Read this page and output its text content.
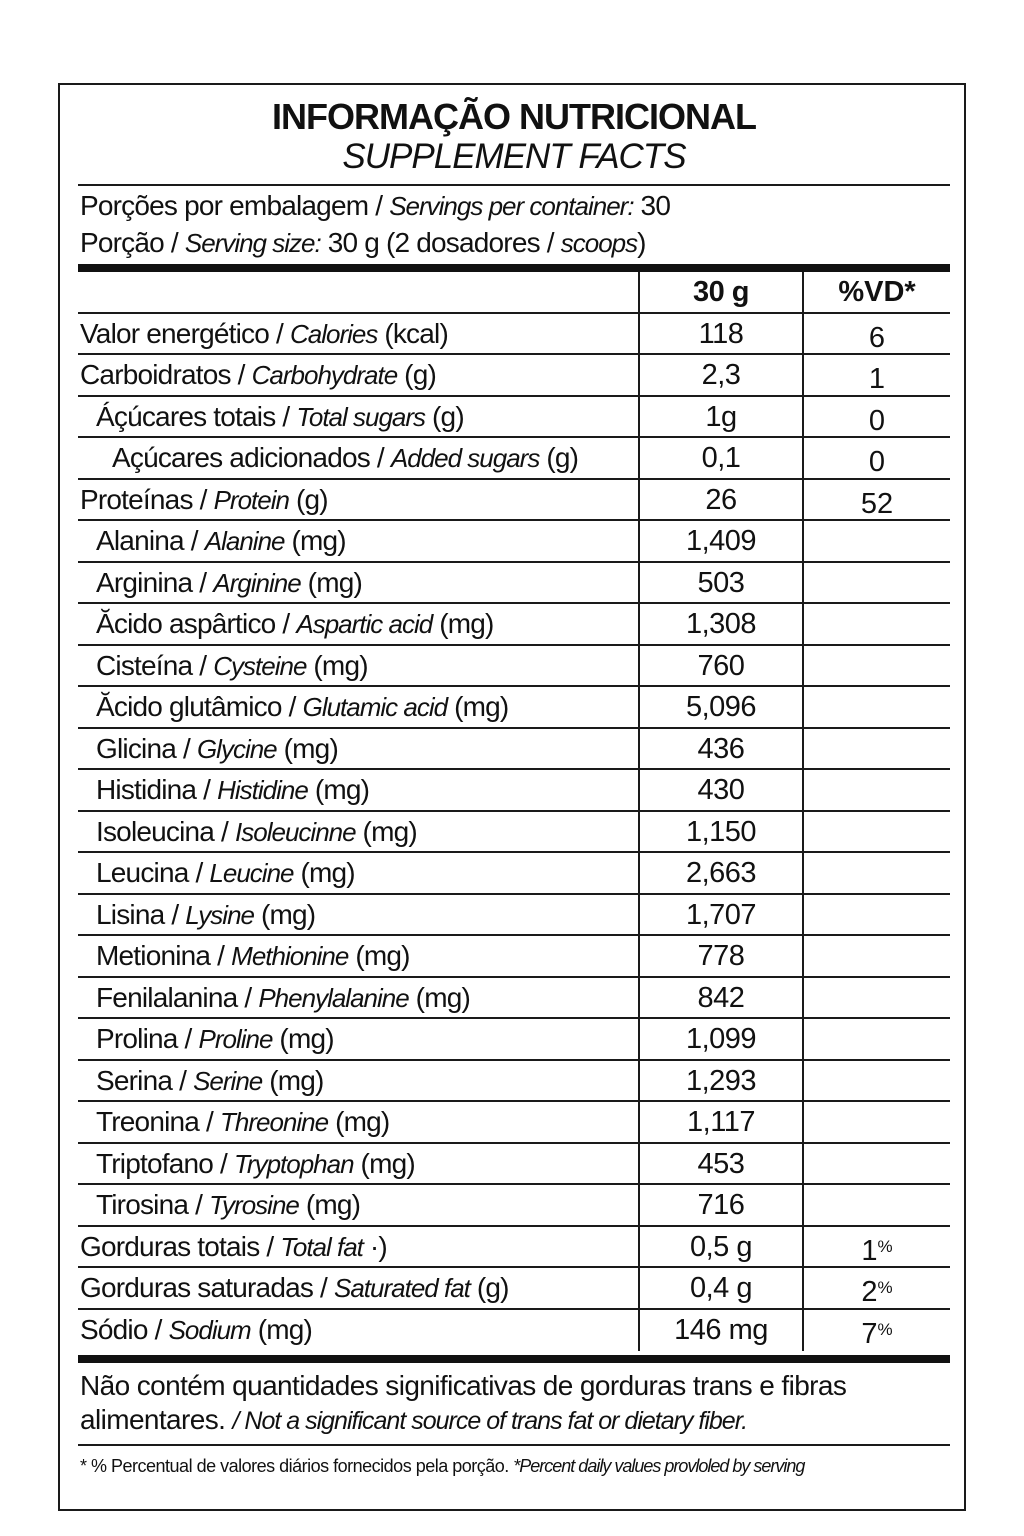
INFORMAÇÃO NUTRICIONAL
SUPPLEMENT FACTS
Porções por embalagem / Servings per container: 30
Porção / Serving size: 30 g (2 dosadores / scoops)
30 g	%VD*
Valor energético / Calories (kcal)	118	6
Carboidratos / Carbohydrate (g)	2,3	1
Áçúcares totais / Total sugars (g)	1g	0
Açúcares adicionados / Added sugars (g)	0,1	0
Proteínas / Protein (g)	26	52
Alanina / Alanine (mg)	1,409
Arginina / Arginine (mg)	503
Ăcido aspârtico / Aspartic acid (mg)	1,308
Cisteína / Cysteine (mg)	760
Ăcido glutâmico / Glutamic acid (mg)	5,096
Glicina / Glycine (mg)	436
Histidina / Histidine (mg)	430
Isoleucina / Isoleucinne (mg)	1,150
Leucina / Leucine (mg)	2,663
Lisina / Lysine (mg)	1,707
Metionina / Methionine (mg)	778
Fenilalanina / Phenylalanine (mg)	842
Prolina / Proline (mg)	1,099
Serina / Serine (mg)	1,293
Treonina / Threonine (mg)	1,117
Triptofano / Tryptophan (mg)	453
Tirosina / Tyrosine (mg)	716
Gorduras totais / Total fat ·)	0,5 g	1%
Gorduras saturadas / Saturated fat (g)	0,4 g	2%
Sódio / Sodium (mg)	146 mg	7%
Não contém quantidades significativas de gorduras trans e fibras alimentares. / Not a significant source of trans fat or dietary fiber.
* % Percentual de valores diários fornecidos pela porção. *Percent daily values provloled by serving
